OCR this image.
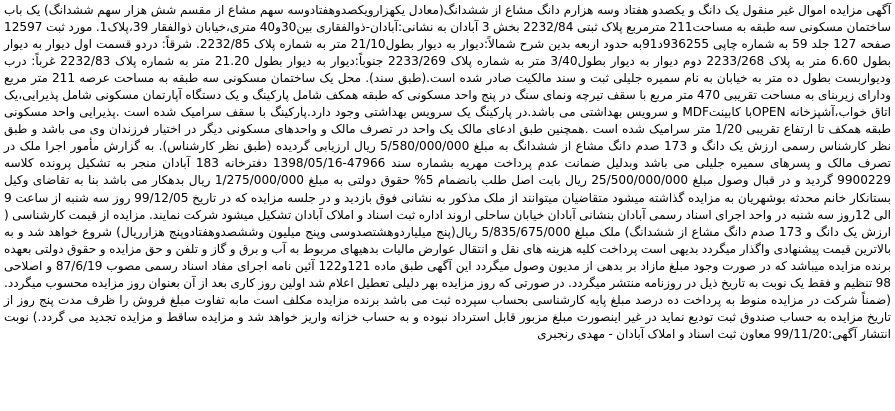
آگهی مزایده اموال غیر منقول یک دانگ و یکصدو هفتاد وسه هزارم دانگ مشاع از ششدانگ(معادل یکهزارویکصدوهفتادوسه سهم مشاع از مقسم شش هزار سهم ششدانگ) یک باب ساختمان مسکونی سه طبقه به مساحت211 مترمربع پلاک ثبتی 2232/84 بخش 3 آبادان به نشانی:آبادان-ذوالفقاری بین30و40 متری،خیابان ذوالفقار 39،پلاک1. مورد ثبت 12597 صفحه 127 جلد 59 به شماره چاپی 936255د91به حدود اربعه بدین شرح شمالاً:دیوار به دیوار بطول21/10 متر به شماره پلاک 2232/85. شرقاً: دردو قسمت اول دیوار به دیوار بطول 6.60 متر به پلاک 2233/268 دوم دیوار به دیوار بطول3/40 متر به شماره پلاک 2233/269 جنوباً:دیوار به دیوار بطول 21.20 متر به شماره پلاک 2232/83 غرباً: درب ودیواربست بطول ده متر به خیابان به نام سمیره جلیلی ثبت و سند مالکیت صادر شده است.(طبق سند). محل یک ساختمان مسکونی سه طبقه به مساحت عرصه 211 متر مربع ودارای زیربنای به مساحت تقریبی 470 متر مربع با سقف تیرچه ونمای سنگ در پنج واحد مسکونی که طبقه همکف شامل پارکینگ و یک دستگاه آپارتمان مسکونی شامل پذیرایی،یک اتاق خواب،آشپزخانه OPENبا کابینتMDF و سرویس بهداشتی می باشد.در پارکینگ یک سرویس بهداشتی وجود دارد.پارکینگ با سقف سرامیک شده است .پذیرایی واحد مسکونی طبقه همکف تا ارتفاع تقریبی 1/20 متر سرامیک شده است .همچنین طبق ادعای مالک یک واحد در تصرف مالک و واحدهای مسکونی دیگر در اختیار فرزندان وی می باشد و طبق نظر کارشناس رسمی ارزش یک دانگ و 173 صدم دانگ مشاع از ششدانگ به مبلغ 5/580/000/000 ریال ارزیابی گردیده (طبق نظر کارشناس). به گزارش مأمور اجرا ملک در تصرف مالک و پسرهای سمیره جلیلی می باشد وبدلیل ضمانت عدم پرداخت مهریه بشماره سند 47966-1398/05/16 دفترخانه 183 آبادان منجر به تشکیل پرونده کلاسه 9900229 گردید و در قبال وصول مبلغ 25/500/000/000 ریال بابت اصل طلب بانضمام 5% حقوق دولتی به مبلغ 1/275/000/000 ریال بدهکار می باشد بنا به تقاضای وکیل بستانکار خانم محدثه بوشهریان به مزایده گذاشته میشود متقاضیان میتوانند از ملک مذکور به نشانی فوق بازدید و در جلسه مزایده که در تاریخ 99/12/05 روز سه شنبه از ساعت 9 الی 12روز سه شنبه در واحد اجرای اسناد رسمی آبادان بنشانی آبادان خیابان ساحلی اروند اداره ثبت اسناد و املاک آبادان تشکیل میشود شرکت نمایند. مزایده از قیمت کارشناسی ( ارزش یک دانگ و 173 صدم دانگ مشاع از ششدانگ) ملک مبلغ 5/835/675/000 ریال(پنج میلیاردوهشتصدوسی وپنج میلیون وششصدوهفتادوپنج هزارریال) شروع خواهد شد و به بالاترین قیمت پیشنهادی واگذار میگردد بدیهی است پرداخت کلیه هزینه های نقل و انتقال عوارض مالیات بدهیهای مربوط به آب و برق و گاز و تلفن و حق مزایده و حقوق دولتی بعهده برنده مزایده میباشد که در صورت وجود مبلغ مازاد بر بدهی از مدیون وصول میگردد این آگهی طبق ماده 121و122 آئین نامه اجرای مفاد اسناد رسمی مصوب 87/6/19 و اصلاحی 98 تنظیم و فقط یک نوبت به تاریخ ذیل در روزنامه منتشر میگردد. در صورتی که روز مزایده بهر دلیلی تعطیل اعلام شد اولین روز کاری بعد از آن بعنوان روز مزایده محسوب میگردد.(ضمناً شرکت در مزایده منوط به پرداخت ده درصد مبلغ پایه کارشناسی بحساب سپرده ثبت می باشد برنده مزایده مکلف است مابه تفاوت مبلغ فروش را ظرف مدت پنج روز از تاریخ مزایده به حساب صندوق ثبت تودیع نماید در غیر اینصورت مبلغ مزبور قابل استرداد نبوده و به حساب خزانه واریز خواهد شد و مزایده ساقط و مزایده تجدید می گردد.) نوبت انتشار آگهی:99/11/20 معاون ثبت اسناد و املاک آبادان - مهدی رنجبری
